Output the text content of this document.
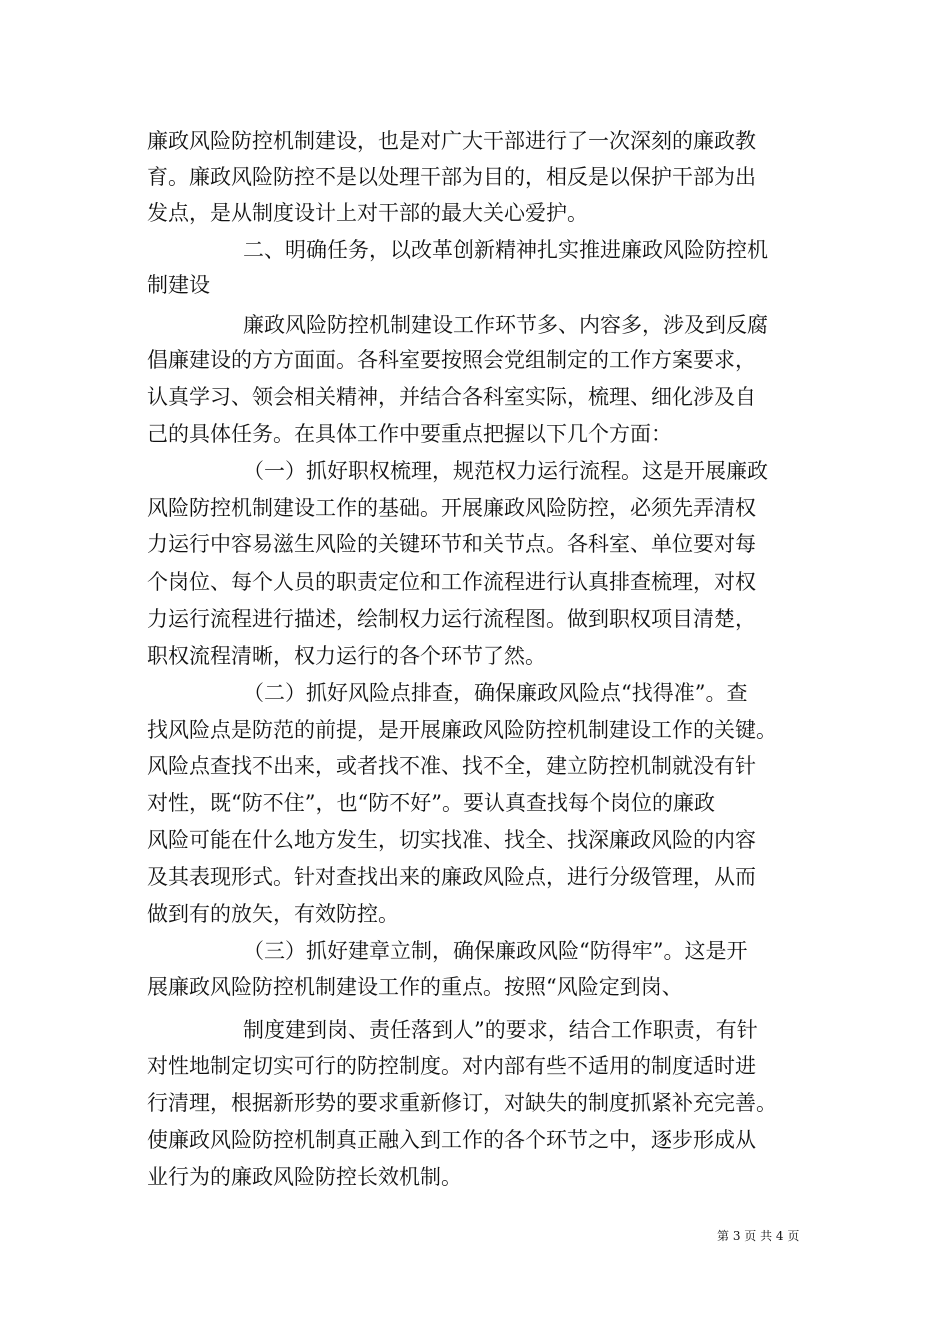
廉政风险防控机制建设，也是对广大干部进行了一次深刻的廉政教
育。廉政风险防控不是以处理干部为目的，相反是以保护干部为出
发点，是从制度设计上对干部的最大关心爱护。
二、明确任务，以改革创新精神扎实推进廉政风险防控机
制建设
廉政风险防控机制建设工作环节多、内容多，涉及到反腐
倡廉建设的方方面面。各科室要按照会党组制定的工作方案要求，
认真学习、领会相关精神，并结合各科室实际，梳理、细化涉及自
己的具体任务。在具体工作中要重点把握以下几个方面：
（一）抓好职权梳理，规范权力运行流程。这是开展廉政
风险防控机制建设工作的基础。开展廉政风险防控，必须先弄清权
力运行中容易滋生风险的关键环节和关节点。各科室、单位要对每
个岗位、每个人员的职责定位和工作流程进行认真排查梳理，对权
力运行流程进行描述，绘制权力运行流程图。做到职权项目清楚，
职权流程清晰，权力运行的各个环节了然。
（二）抓好风险点排查，确保廉政风险点“找得准”。查
找风险点是防范的前提，是开展廉政风险防控机制建设工作的关键。
风险点查找不出来，或者找不准、找不全，建立防控机制就没有针
对性，既“防不住”，也“防不好”。要认真查找每个岗位的廉政
风险可能在什么地方发生，切实找准、找全、找深廉政风险的内容
及其表现形式。针对查找出来的廉政风险点，进行分级管理，从而
做到有的放矢，有效防控。
（三）抓好建章立制，确保廉政风险“防得牢”。这是开
展廉政风险防控机制建设工作的重点。按照“风险定到岗、
制度建到岗、责任落到人”的要求，结合工作职责，有针
对性地制定切实可行的防控制度。对内部有些不适用的制度适时进
行清理，根据新形势的要求重新修订，对缺失的制度抓紧补充完善。
使廉政风险防控机制真正融入到工作的各个环节之中，逐步形成从
业行为的廉政风险防控长效机制。
第 3 页 共 4 页
